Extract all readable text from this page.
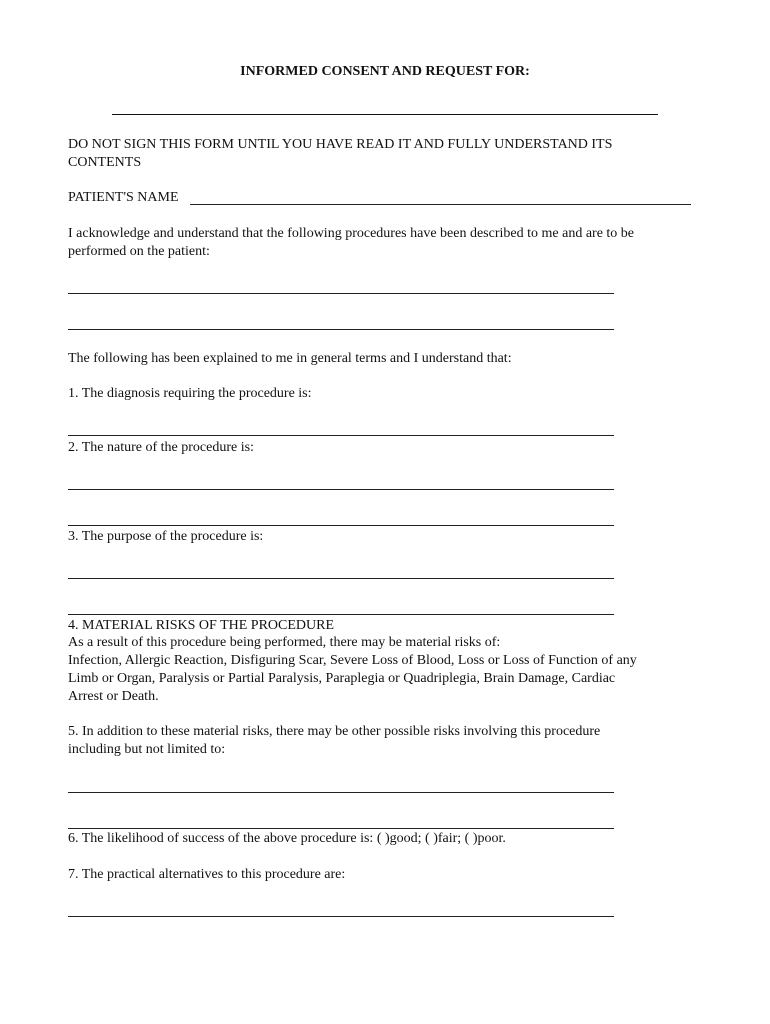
INFORMED CONSENT AND REQUEST FOR:
DO NOT SIGN THIS FORM UNTIL YOU HAVE READ IT AND FULLY UNDERSTAND ITS
CONTENTS
PATIENT'S NAME
I acknowledge and understand that the following procedures have been described to me and are to be
performed on the patient:
The following has been explained to me in general terms and I understand that:
1. The diagnosis requiring the procedure is:
2. The nature of the procedure is:
3. The purpose of the procedure is:
4. MATERIAL RISKS OF THE PROCEDURE
As a result of this procedure being performed, there may be material risks of:
Infection, Allergic Reaction, Disfiguring Scar, Severe Loss of Blood, Loss or Loss of Function of any
Limb or Organ, Paralysis or Partial Paralysis, Paraplegia or Quadriplegia, Brain Damage, Cardiac
Arrest or Death.
5. In addition to these material risks, there may be other possible risks involving this procedure
including but not limited to:
6. The likelihood of success of the above procedure is: ( )good; ( )fair; ( )poor.
7. The practical alternatives to this procedure are:
